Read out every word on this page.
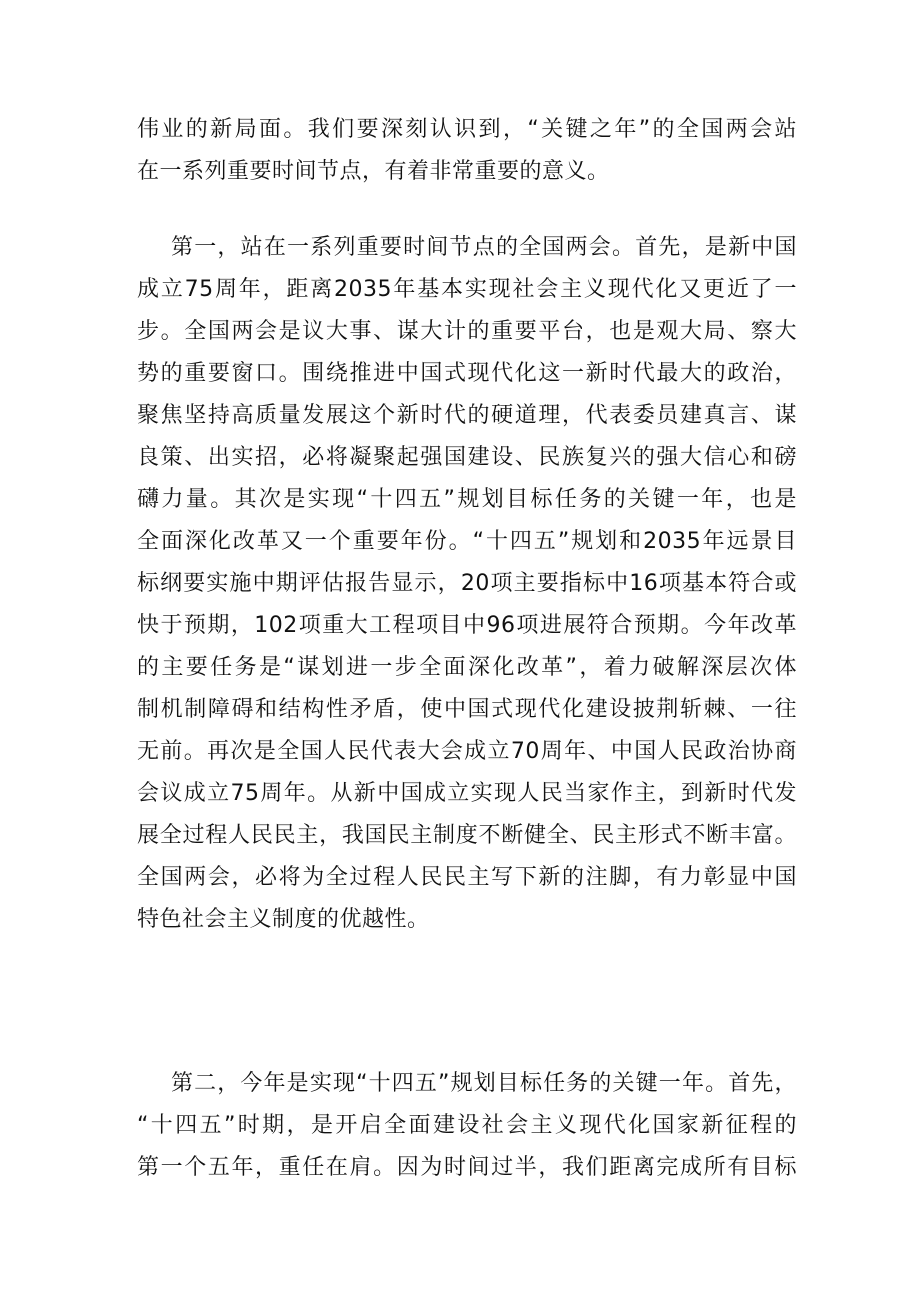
伟业的新局面。我们要深刻认识到，“关键之年”的全国两会站
在一系列重要时间节点，有着非常重要的意义。
第一，站在一系列重要时间节点的全国两会。首先，是新中国
成立75周年，距离2035年基本实现社会主义现代化又更近了一
步。全国两会是议大事、谋大计的重要平台，也是观大局、察大
势的重要窗口。围绕推进中国式现代化这一新时代最大的政治，
聚焦坚持高质量发展这个新时代的硬道理，代表委员建真言、谋
良策、出实招，必将凝聚起强国建设、民族复兴的强大信心和磅
礴力量。其次是实现“十四五”规划目标任务的关键一年，也是
全面深化改革又一个重要年份。“十四五”规划和2035年远景目
标纲要实施中期评估报告显示，20项主要指标中16项基本符合或
快于预期，102项重大工程项目中96项进展符合预期。今年改革
的主要任务是“谋划进一步全面深化改革”，着力破解深层次体
制机制障碍和结构性矛盾，使中国式现代化建设披荆斩棘、一往
无前。再次是全国人民代表大会成立70周年、中国人民政治协商
会议成立75周年。从新中国成立实现人民当家作主，到新时代发
展全过程人民民主，我国民主制度不断健全、民主形式不断丰富。
全国两会，必将为全过程人民民主写下新的注脚，有力彰显中国
特色社会主义制度的优越性。
第二，今年是实现“十四五”规划目标任务的关键一年。首先，
“十四五”时期，是开启全面建设社会主义现代化国家新征程的
第一个五年，重任在肩。因为时间过半，我们距离完成所有目标
